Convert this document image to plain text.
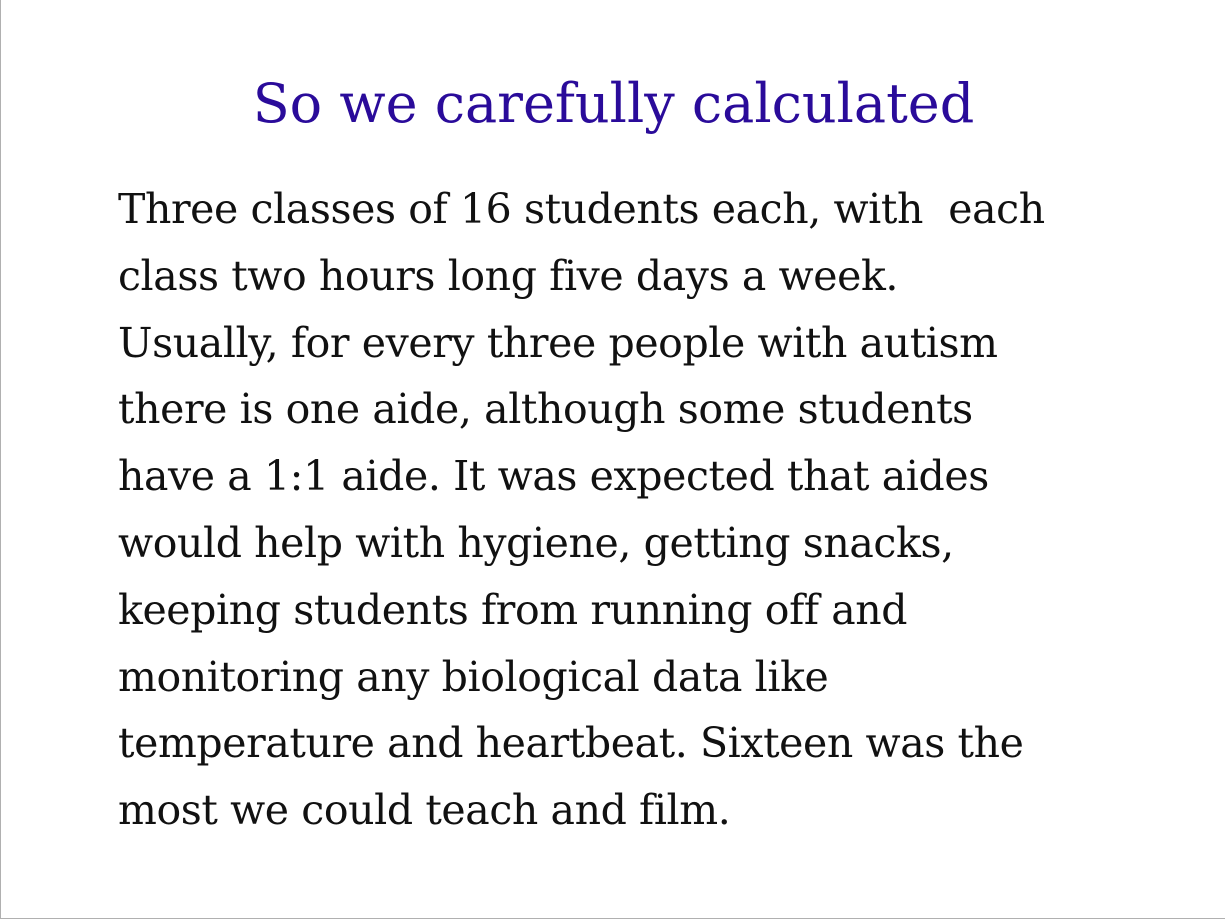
So we carefully calculated
Three classes of 16 students each, with  each
class two hours long five days a week.
Usually, for every three people with autism
there is one aide, although some students
have a 1:1 aide. It was expected that aides
would help with hygiene, getting snacks,
keeping students from running off and
monitoring any biological data like
temperature and heartbeat. Sixteen was the
most we could teach and film.
